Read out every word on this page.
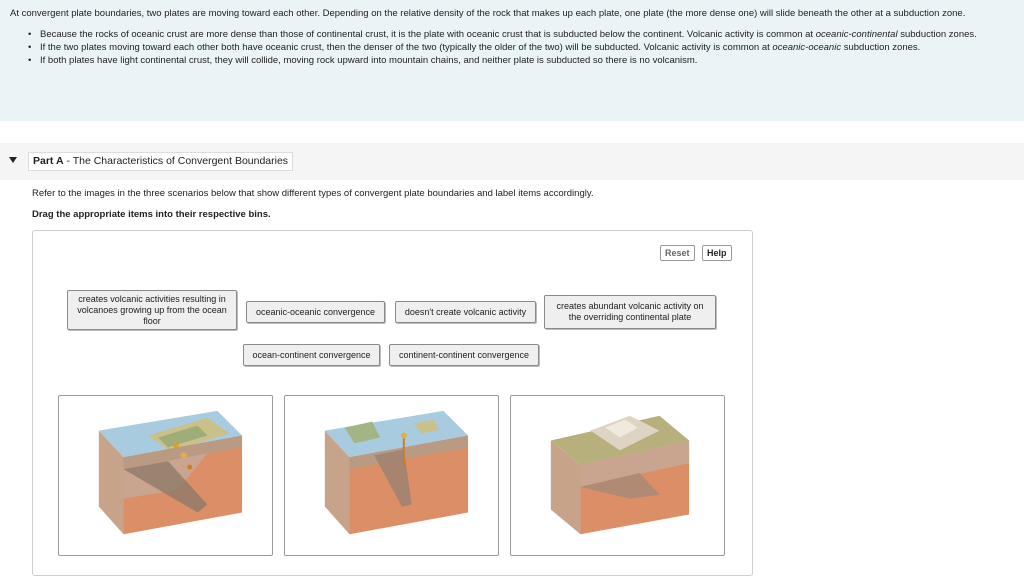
At convergent plate boundaries, two plates are moving toward each other. Depending on the relative density of the rock that makes up each plate, one plate (the more dense one) will slide beneath the other at a subduction zone.

• Because the rocks of oceanic crust are more dense than those of continental crust, it is the plate with oceanic crust that is subducted below the continent. Volcanic activity is common at oceanic-continental subduction zones.
• If the two plates moving toward each other both have oceanic crust, then the denser of the two (typically the older of the two) will be subducted. Volcanic activity is common at oceanic-oceanic subduction zones.
• If both plates have light continental crust, they will collide, moving rock upward into mountain chains, and neither plate is subducted so there is no volcanism.
Part A - The Characteristics of Convergent Boundaries
Refer to the images in the three scenarios below that show different types of convergent plate boundaries and label items accordingly.
Drag the appropriate items into their respective bins.
Reset	Help
creates volcanic activities resulting in volcanoes growing up from the ocean floor
oceanic-oceanic convergence	doesn't create volcanic activity
creates abundant volcanic activity on the overriding continental plate
ocean-continent convergence	continent-continent convergence
